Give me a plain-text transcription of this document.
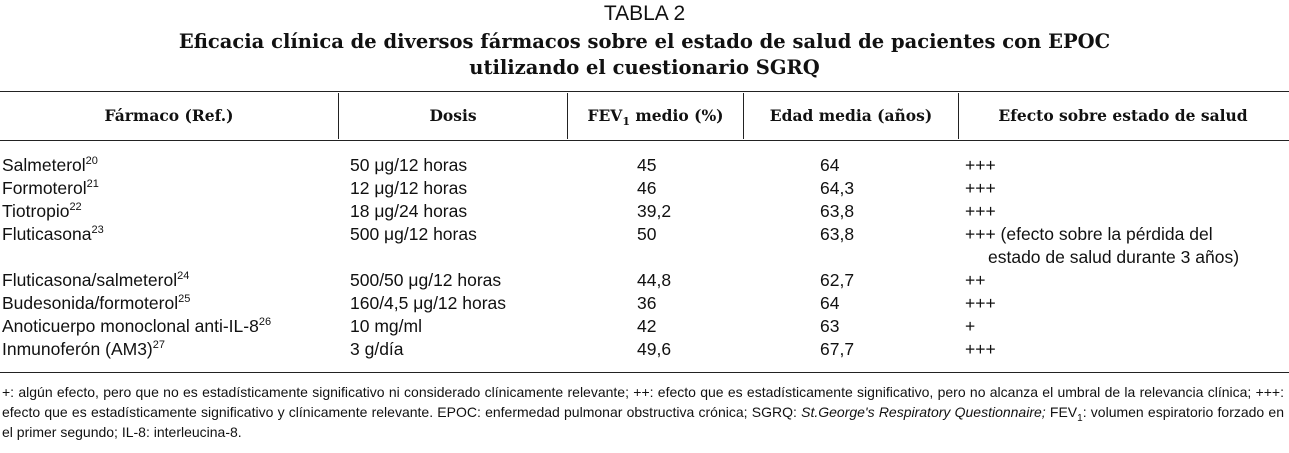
TABLA 2
Eficacia clínica de diversos fármacos sobre el estado de salud de pacientes con EPOC
utilizando el cuestionario SGRQ
Fármaco (Ref.)	Dosis	$FEV_1$ medio (%)	Edad media (años)	Efecto sobre estado de salud
Salmeterol$^{20}$	50 μg/12 horas	45	64	+++
Formoterol$^{21}$	12 μg/12 horas	46	64,3	+++
Tiotropio$^{22}$	18 μg/24 horas	39,2	63,8	+++
Fluticasona$^{23}$	500 μg/12 horas	50	63,8	+++ (efecto sobre la pérdida del
estado de salud durante 3 años)
Fluticasona/salmeterol$^{24}$	500/50 μg/12 horas	44,8	62,7	++
Budesonida/formoterol$^{25}$	160/4,5 μg/12 horas	36	64	+++
Anoticuerpo monoclonal anti-$IL-8^{26}$	10 mg/ml	42	63	+
Inmunoferón $(AM3)^{27}$	3 g/día	49,6	67,7	+++
+: algún efecto, pero que no es estadísticamente significativo ni considerado clínicamente relevante; ++: efecto que es estadísticamente significativo, pero no alcanza el umbral de la relevancia clínica; +++: efecto que es estadísticamente significativo y clínicamente relevante. EPOC: enfermedad pulmonar obstructiva crónica; SGRQ: St.George's Respiratory Questionnaire; $FEV_1$: volumen espiratorio forzado en el primer segundo; IL-8: interleucina-8.
